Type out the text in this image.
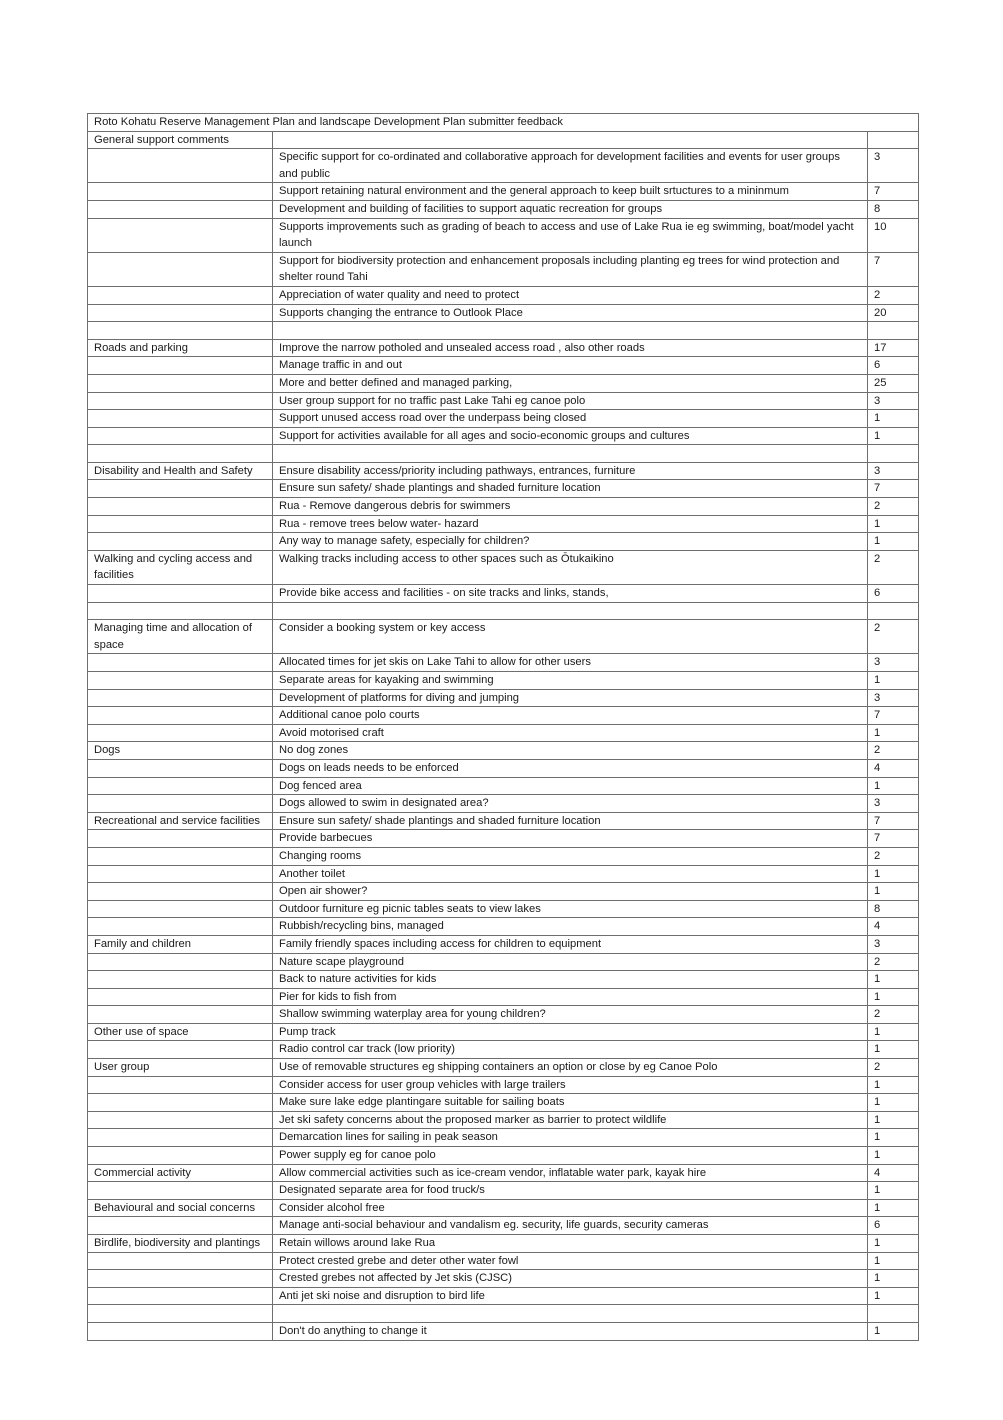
Roto Kohatu Reserve Management Plan and landscape Development Plan submitter feedback		
General support comments		
	Specific support for co-ordinated and collaborative approach for development facilities and events for user groups and public	3
	Support retaining natural environment and the general approach to keep built srtuctures to a mininmum	7
	Development and building of facilities to support aquatic recreation for groups	8
	Supports improvements such as grading of beach to access and use of Lake Rua ie eg swimming, boat/model yacht launch	10
	Support for biodiversity protection and enhancement proposals including planting eg trees for wind protection and shelter round Tahi	7
	Appreciation of water quality and need to protect	2
	Supports changing the entrance to Outlook Place	20

Roads and parking	Improve the narrow potholed and unsealed access road , also other roads	17
	Manage traffic in and out	6
	More and better defined and managed parking,	25
	User group support for no traffic past Lake Tahi eg canoe polo	3
	Support unused access road over the underpass being closed	1
	Support for activities available for all ages and socio-economic groups and cultures	1

Disability and Health and Safety	Ensure disability access/priority including pathways, entrances, furniture	3
	Ensure sun safety/ shade plantings and shaded furniture location	7
	Rua - Remove dangerous debris for swimmers	2
	Rua - remove trees below water- hazard	1
	Any way to manage safety, especially for children?	1
Walking and cycling access and facilities	Walking tracks including access to other spaces such as Ōtukaikino	2
	Provide bike access and facilities - on site tracks and links, stands,	6

Managing time and allocation of space	Consider a booking system or key access	2
	Allocated times for jet skis on Lake Tahi to allow for other users	3
	Separate areas for kayaking and swimming	1
	Development of platforms for diving and jumping	3
	Additional canoe polo courts	7
	Avoid motorised craft	1
Dogs	No dog zones	2
	Dogs on leads needs to be enforced	4
	Dog fenced area	1
	Dogs allowed to swim in designated area?	3
Recreational and service facilities	Ensure sun safety/ shade plantings and shaded furniture location	7
	Provide barbecues	7
	Changing rooms	2
	Another toilet	1
	Open air shower?	1
	Outdoor furniture eg picnic tables seats to view lakes	8
	Rubbish/recycling bins, managed	4
Family and children	Family friendly spaces including access for children to equipment	3
	Nature scape playground	2
	Back to nature activities for kids	1
	Pier for kids to fish from	1
	Shallow swimming waterplay area for young children?	2
Other use of space	Pump track	1
	Radio control car track (low priority)	1
User group	Use of removable structures eg shipping containers an option or close by eg Canoe Polo	2
	Consider access for user group vehicles with large trailers	1
	Make sure lake edge plantingare suitable for sailing boats	1
	Jet ski safety concerns about the proposed marker as barrier to protect wildlife	1
	Demarcation lines for sailing in peak season	1
	Power supply eg for canoe polo	1
Commercial activity	Allow commercial activities such as ice-cream vendor, inflatable water park, kayak hire	4
	Designated separate area for food truck/s	1
Behavioural and social concerns	Consider alcohol free	1
	Manage anti-social behaviour and vandalism eg. security, life guards, security cameras	6
Birdlife, biodiversity and plantings	Retain willows around lake Rua	1
	Protect crested grebe and deter other water fowl	1
	Crested grebes not affected by Jet skis (CJSC)	1
	Anti jet ski noise and disruption to bird life	1

	Don't do anything to change it	1
